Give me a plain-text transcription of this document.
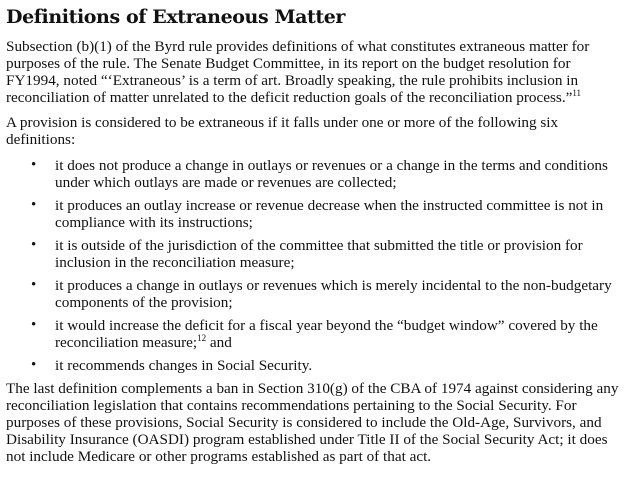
Definitions of Extraneous Matter

Subsection (b)(1) of the Byrd rule provides definitions of what constitutes extraneous matter for purposes of the rule. The Senate Budget Committee, in its report on the budget resolution for FY1994, noted “‘Extraneous’ is a term of art. Broadly speaking, the rule prohibits inclusion in reconciliation of matter unrelated to the deficit reduction goals of the reconciliation process.”$^{11}$

A provision is considered to be extraneous if it falls under one or more of the following six definitions:

• it does not produce a change in outlays or revenues or a change in the terms and conditions under which outlays are made or revenues are collected;
• it produces an outlay increase or revenue decrease when the instructed committee is not in compliance with its instructions;
• it is outside of the jurisdiction of the committee that submitted the title or provision for inclusion in the reconciliation measure;
• it produces a change in outlays or revenues which is merely incidental to the non-budgetary components of the provision;
• it would increase the deficit for a fiscal year beyond the “budget window” covered by the reconciliation measure;$^{12}$ and
• it recommends changes in Social Security.

The last definition complements a ban in Section 310(g) of the CBA of 1974 against considering any reconciliation legislation that contains recommendations pertaining to the Social Security. For purposes of these provisions, Social Security is considered to include the Old-Age, Survivors, and Disability Insurance (OASDI) program established under Title II of the Social Security Act; it does not include Medicare or other programs established as part of that act.
